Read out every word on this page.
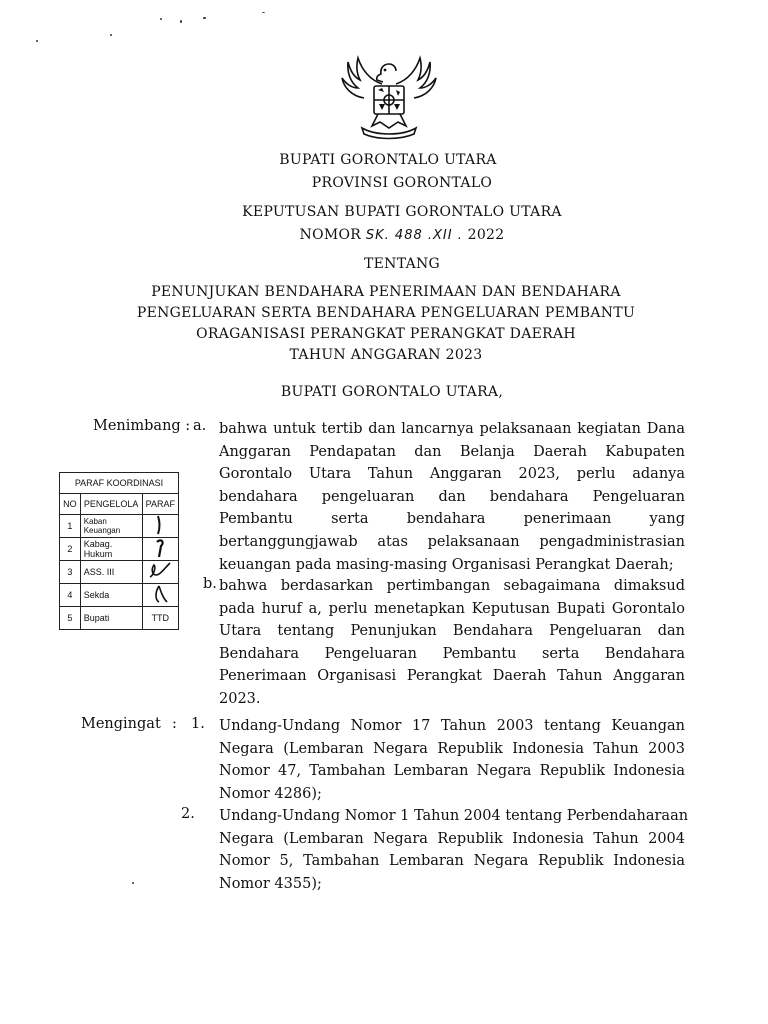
BUPATI GORONTALO UTARA
PROVINSI GORONTALO
KEPUTUSAN BUPATI GORONTALO UTARA
NOMOR SK. 488 .XII . 2022
TENTANG
PENUNJUKAN BENDAHARA PENERIMAAN DAN BENDAHARA
PENGELUARAN SERTA BENDAHARA PENGELUARAN PEMBANTU
ORAGANISASI PERANGKAT PERANGKAT DAERAH
TAHUN ANGGARAN 2023
BUPATI GORONTALO UTARA,
Menimbang : a. bahwa untuk tertib dan lancarnya pelaksanaan kegiatan Dana
Anggaran Pendapatan dan Belanja Daerah Kabupaten
Gorontalo Utara Tahun Anggaran 2023, perlu adanya
bendahara pengeluaran dan bendahara Pengeluaran
Pembantu serta bendahara penerimaan yang
bertanggungjawab atas pelaksanaan pengadministrasian
keuangan pada masing-masing Organisasi Perangkat Daerah;
b. bahwa berdasarkan pertimbangan sebagaimana dimaksud
pada huruf a, perlu menetapkan Keputusan Bupati Gorontalo
Utara tentang Penunjukan Bendahara Pengeluaran dan
Bendahara Pengeluaran Pembantu serta Bendahara
Penerimaan Organisasi Perangkat Daerah Tahun Anggaran
2023.
PARAF KOORDINASI		
NO	PENGELOLA	PARAF
1	Kaban Keuangan	
2	Kabag. Hukum	
3	ASS. III	
4	Sekda	
5	Bupati	TTD
Mengingat : 1. Undang-Undang Nomor 17 Tahun 2003 tentang Keuangan
Negara (Lembaran Negara Republik Indonesia Tahun 2003
Nomor 47, Tambahan Lembaran Negara Republik Indonesia
Nomor 4286);
2. Undang-Undang Nomor 1 Tahun 2004 tentang Perbendaharaan
Negara (Lembaran Negara Republik Indonesia Tahun 2004
Nomor 5, Tambahan Lembaran Negara Republik Indonesia
Nomor 4355);
